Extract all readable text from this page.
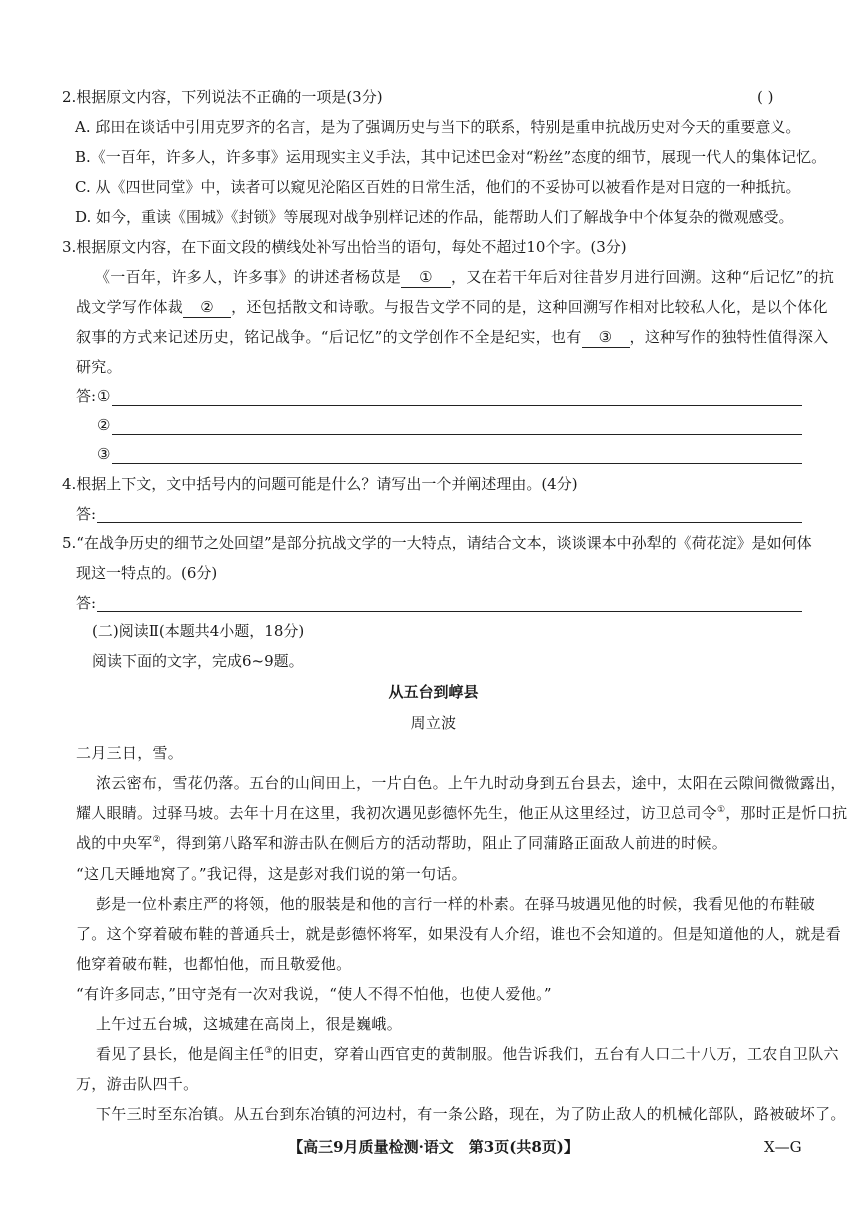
2.根据原文内容，下列说法不正确的一项是(3分)	( )
A. 邱田在谈话中引用克罗齐的名言，是为了强调历史与当下的联系，特别是重申抗战历史对今天的重要意义。
B.《一百年，许多人，许多事》运用现实主义手法，其中记述巴金对“粉丝”态度的细节，展现一代人的集体记忆。
C. 从《四世同堂》中，读者可以窥见沦陷区百姓的日常生活，他们的不妥协可以被看作是对日寇的一种抵抗。
D. 如今，重读《围城》《封锁》等展现对战争别样记述的作品，能帮助人们了解战争中个体复杂的微观感受。
3.根据原文内容，在下面文段的横线处补写出恰当的语句，每处不超过10个字。(3分)
《一百年，许多人，许多事》的讲述者杨苡是 ① ，又在若干年后对往昔岁月进行回溯。这种“后记忆”的抗
战文学写作体裁 ② ，还包括散文和诗歌。与报告文学不同的是，这种回溯写作相对比较私人化，是以个体化
叙事的方式来记述历史，铭记战争。“后记忆”的文学创作不全是纪实，也有 ③ ，这种写作的独特性值得深入
研究。
答: ①
②
③
4.根据上下文，文中括号内的问题可能是什么？请写出一个并阐述理由。(4分)
答:
5.“在战争历史的细节之处回望”是部分抗战文学的一大特点，请结合文本，谈谈课本中孙犁的《荷花淀》是如何体
现这一特点的。(6分)
答:
(二)阅读Ⅱ(本题共4小题，18分)
阅读下面的文字，完成6~9题。
从五台到崞县
周立波
二月三日，雪。
浓云密布，雪花仍落。五台的山间田上，一片白色。上午九时动身到五台县去，途中，太阳在云隙间微微露出，
耀人眼睛。过驿马坡。去年十月在这里，我初次遇见彭德怀先生，他正从这里经过，访卫总司令①，那时正是忻口抗
战的中央军②，得到第八路军和游击队在侧后方的活动帮助，阻止了同蒲路正面敌人前进的时候。
“这几天睡地窝了。”我记得，这是彭对我们说的第一句话。
彭是一位朴素庄严的将领，他的服装是和他的言行一样的朴素。在驿马坡遇见他的时候，我看见他的布鞋破
了。这个穿着破布鞋的普通兵士，就是彭德怀将军，如果没有人介绍，谁也不会知道的。但是知道他的人，就是看
他穿着破布鞋，也都怕他，而且敬爱他。
“有许多同志，”田守尧有一次对我说，“使人不得不怕他，也使人爱他。”
上午过五台城，这城建在高岗上，很是巍峨。
看见了县长，他是阎主任③的旧吏，穿着山西官吏的黄制服。他告诉我们，五台有人口二十八万，工农自卫队六
万，游击队四千。
下午三时至东冶镇。从五台到东冶镇的河边村，有一条公路，现在，为了防止敌人的机械化部队，路被破坏了。
【高三9月质量检测·语文　第3页(共8页)】	X—G
